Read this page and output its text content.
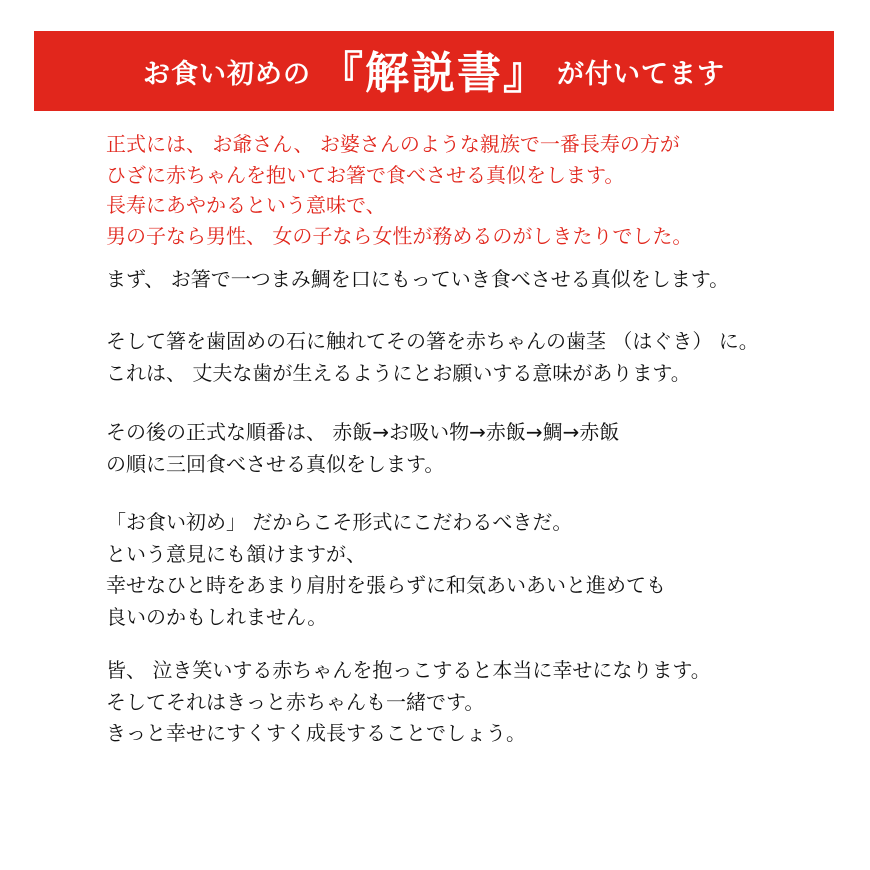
お食い初めの 『解説書』 が付いてます
正式には、 お爺さん、 お婆さんのような親族で一番長寿の方が
ひざに赤ちゃんを抱いてお箸で食べさせる真似をします。
長寿にあやかるという意味で、
男の子なら男性、 女の子なら女性が務めるのがしきたりでした。
まず、 お箸で一つまみ鯛を口にもっていき食べさせる真似をします。
そして箸を歯固めの石に触れてその箸を赤ちゃんの歯茎 （はぐき） に。
これは、 丈夫な歯が生えるようにとお願いする意味があります。
その後の正式な順番は、 赤飯→お吸い物→赤飯→鯛→赤飯
の順に三回食べさせる真似をします。
「お食い初め」 だからこそ形式にこだわるべきだ。
という意見にも頷けますが、
幸せなひと時をあまり肩肘を張らずに和気あいあいと進めても
良いのかもしれません。
皆、 泣き笑いする赤ちゃんを抱っこすると本当に幸せになります。
そしてそれはきっと赤ちゃんも一緒です。
きっと幸せにすくすく成長することでしょう。
